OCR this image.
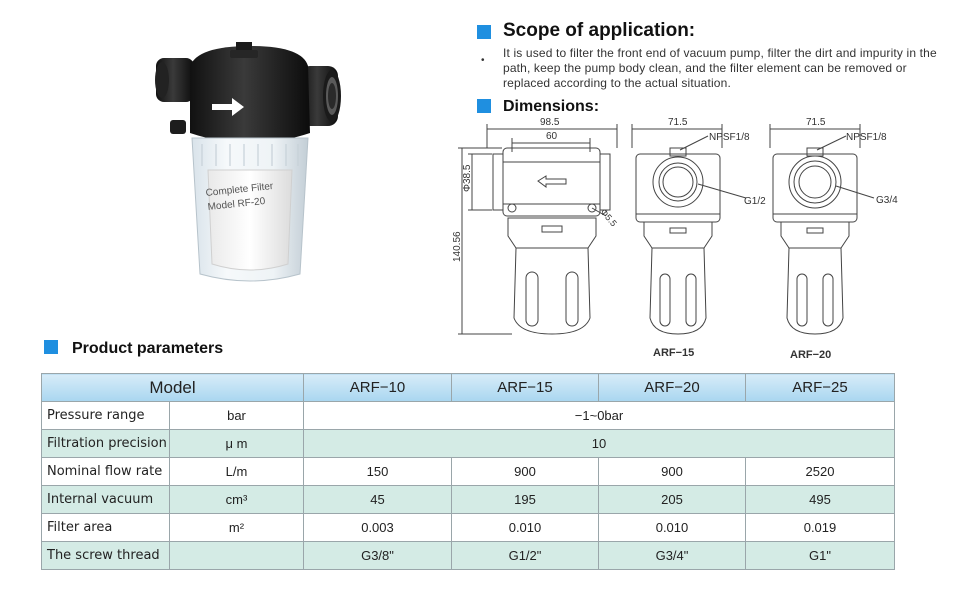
Complete Filter
Model RF-20
Scope of application:
•
It is used to filter the front end of vacuum pump, filter the dirt and impurity in the path, keep the pump body clean, and the filter element can be removed or replaced according to the actual situation.
Dimensions:
98.5
60
Φ38.5
140.56
Φ5.5
71.5
NPSF1/8
G1/2
ARF−15
71.5
NPSF1/8
G3/4
ARF−20
Product parameters
Model		ARF−10	ARF−15	ARF−20	ARF−25
Pressure range	bar	−1~0bar			
Filtration precision	μ m	10			
Nominal flow rate	L/m	150	900	900	2520
Internal vacuum	cm³	45	195	205	495
Filter area	m²	0.003	0.010	0.010	0.019
The screw thread		G3/8"	G1/2"	G3/4"	G1"
